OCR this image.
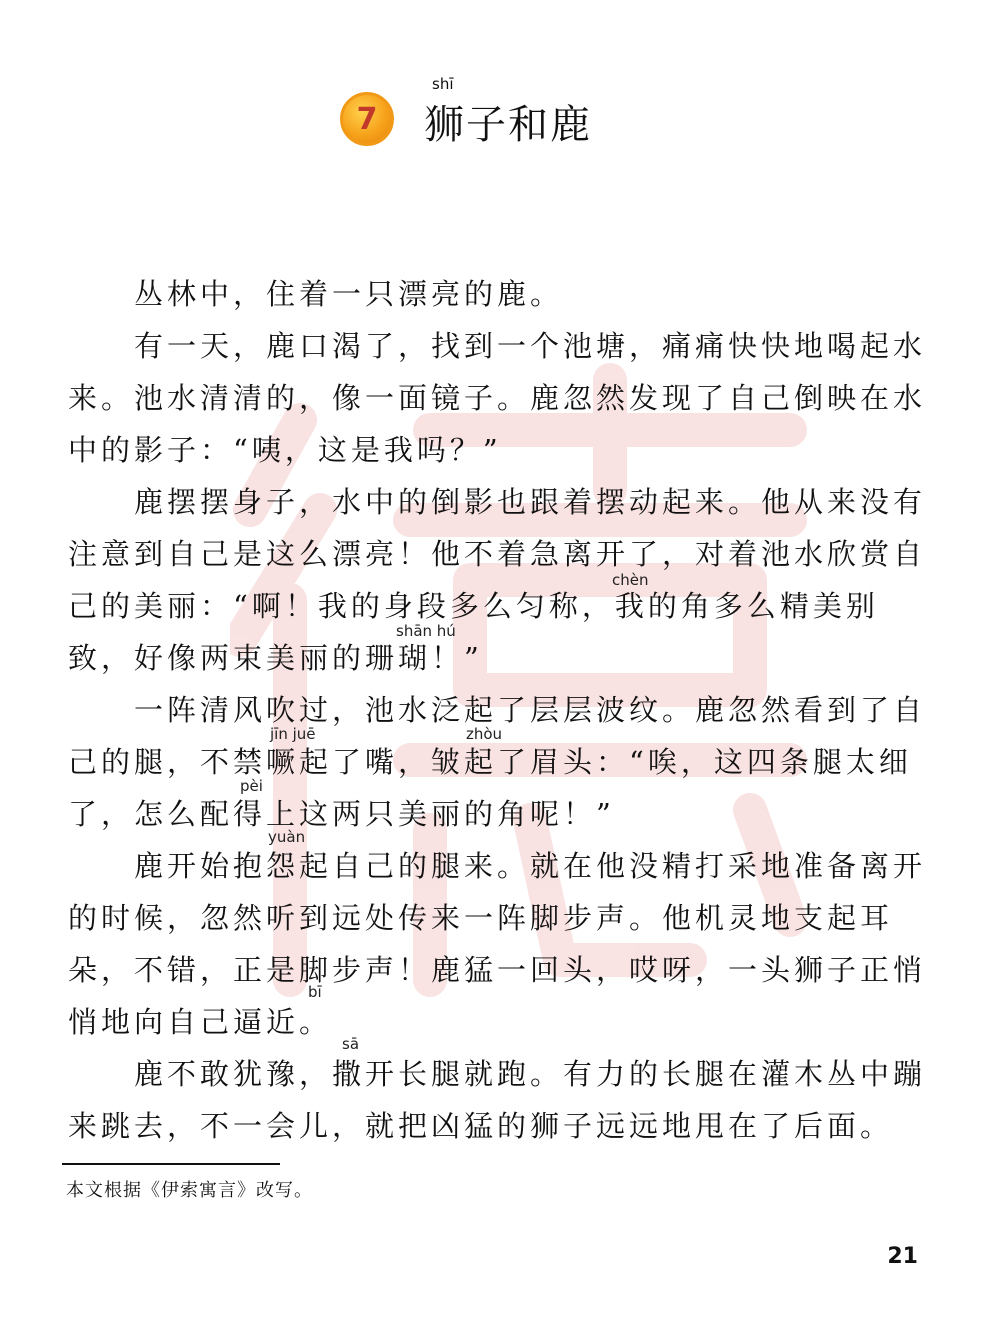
7
shī
狮子和鹿

丛林中，住着一只漂亮的鹿。

有一天，鹿口渴了，找到一个池塘，痛痛快快地喝起水来。池水清清的，像一面镜子。鹿忽然发现了自己倒映在水中的影子：“咦，这是我吗？”

鹿摆摆身子，水中的倒影也跟着摆动起来。他从来没有注意到自己是这么漂亮！他不着急离开了，对着池水欣赏自己的美丽：“啊！我的身段多么匀称，我的角多么精美别致，好像两束美丽的珊瑚！”

一阵清风吹过，池水泛起了层层波纹。鹿忽然看到了自己的腿，不禁噘起了嘴，皱起了眉头：“唉，这四条腿太细了，怎么配得上这两只美丽的角呢！”

鹿开始抱怨起自己的腿来。就在他没精打采地准备离开的时候，忽然听到远处传来一阵脚步声。他机灵地支起耳朵，不错，正是脚步声！鹿猛一回头，哎呀，一头狮子正悄悄地向自己逼近。

鹿不敢犹豫，撒开长腿就跑。有力的长腿在灌木丛中蹦来跳去，不一会儿，就把凶猛的狮子远远地甩在了后面。

chèn
shān hú
jīn juē	zhòu
pèi
yuàn
bī
sā
本文根据《伊索寓言》改写。
21
